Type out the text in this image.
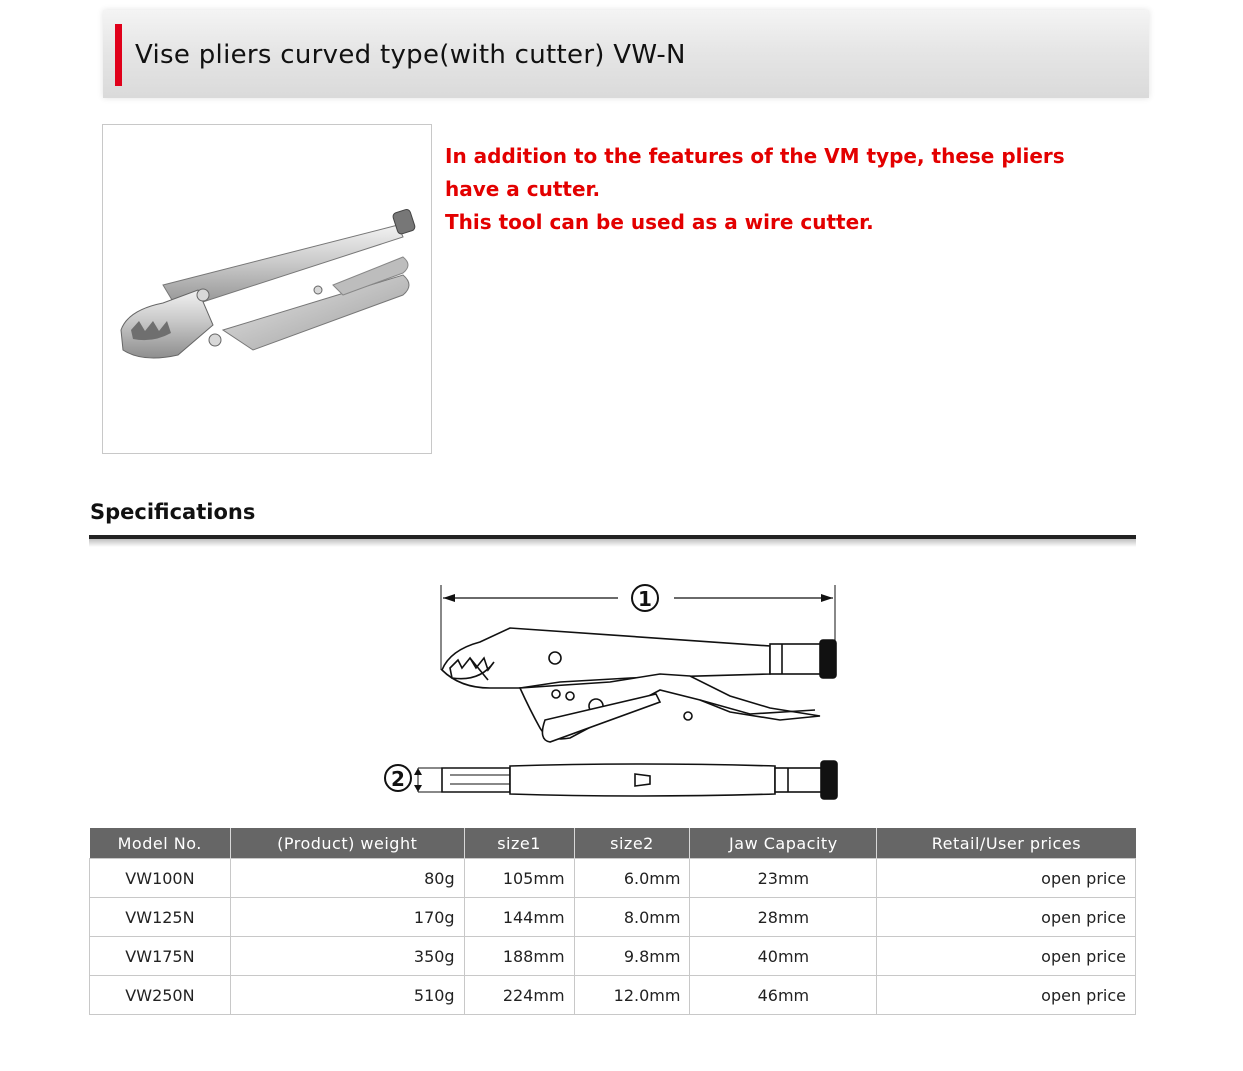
Vise pliers curved type(with cutter) VW-N

In addition to the features of the VM type, these pliers have a cutter.

This tool can be used as a wire cutter.

Specifications
1
2
Model No.	(Product) weight	size1	size2	Jaw Capacity	Retail/User prices
VW100N	80g	105mm	6.0mm	23mm	open price
VW125N	170g	144mm	8.0mm	28mm	open price
VW175N	350g	188mm	9.8mm	40mm	open price
VW250N	510g	224mm	12.0mm	46mm	open price
